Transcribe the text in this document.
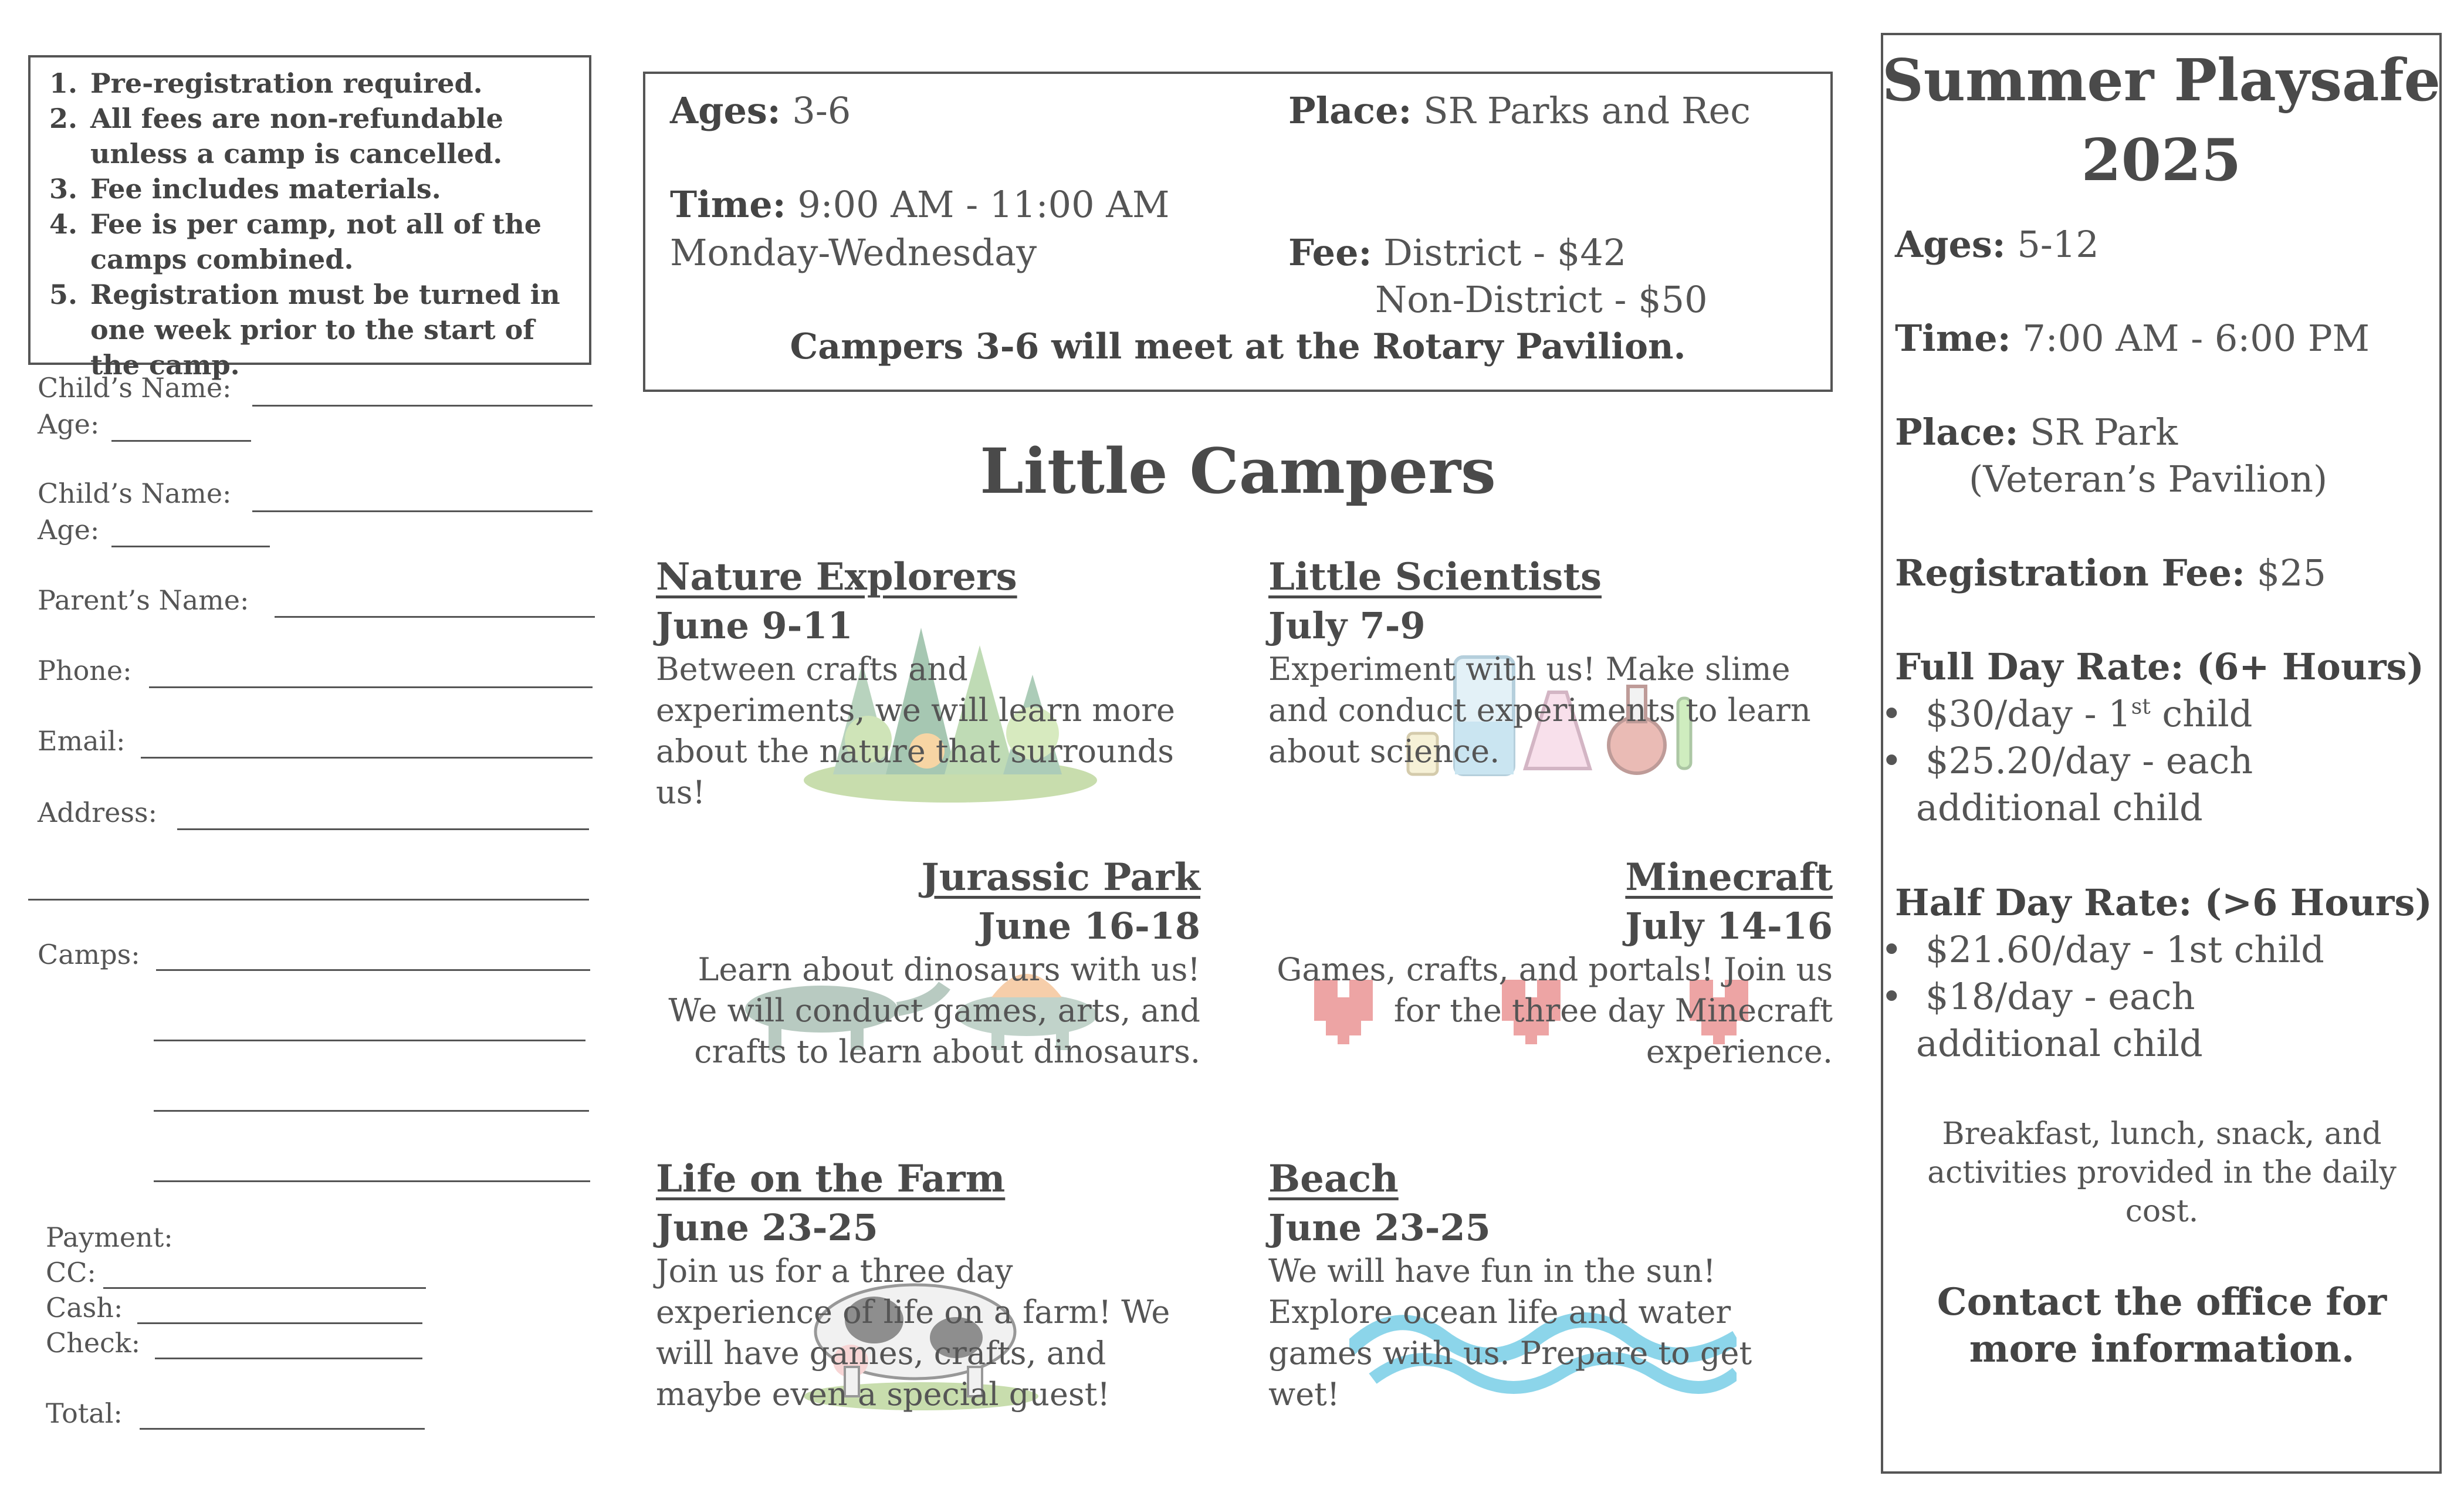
1. Pre-registration required.
2. All fees are non-refundable unless a camp is cancelled.
3. Fee includes materials.
4. Fee is per camp, not all of the camps combined.
5. Registration must be turned in one week prior to the start of the camp.
Child’s Name:
Age:
Child’s Name:
Age:
Parent’s Name:
Phone:
Email:
Address:
Camps:
Payment:
CC:
Cash:
Check:
Total:
Ages: 3-6	Place: SR Parks and Rec
Time: 9:00 AM - 11:00 AM
Monday-Wednesday	Fee: District - $42
Non-District - $50
Campers 3-6 will meet at the Rotary Pavilion.
Little Campers
Nature Explorers
June 9-11
Between crafts and experiments, we will learn more about the nature that surrounds us!
Little Scientists
July 7-9
Experiment with us! Make slime and conduct experiments to learn about science.
Jurassic Park
June 16-18
Learn about dinosaurs with us! We will conduct games, arts, and crafts to learn about dinosaurs.
Minecraft
July 14-16
Games, crafts, and portals! Join us for the three day Minecraft experience.
Life on the Farm
June 23-25
Join us for a three day experience of life on a farm! We will have games, crafts, and maybe even a special guest!
Beach
June 23-25
We will have fun in the sun! Explore ocean life and water games with us. Prepare to get wet!
Summer Playsafe
2025
Ages: 5-12
Time: 7:00 AM - 6:00 PM
Place: SR Park
(Veteran’s Pavilion)
Registration Fee: $25
Full Day Rate: (6+ Hours)
•  $30/day - 1st child
•  $25.20/day - each
additional child
Half Day Rate: (>6 Hours)
•  $21.60/day - 1st child
•  $18/day - each
additional child
Breakfast, lunch, snack, and activities provided in the daily cost.
Contact the office for more information.
